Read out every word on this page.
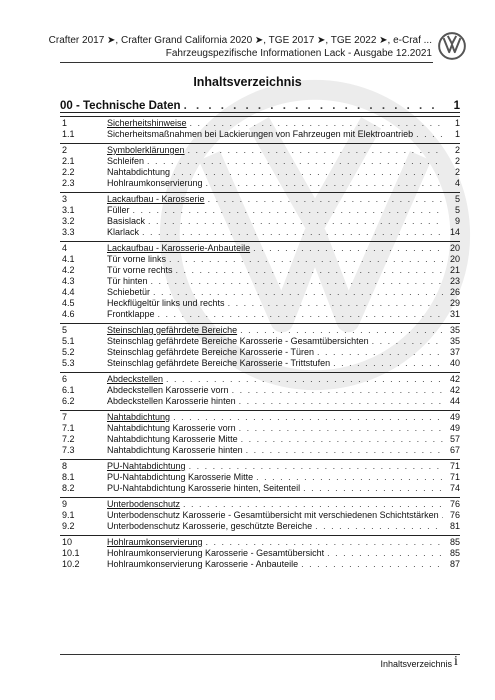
Crafter 2017 ➤, Crafter Grand California 2020 ➤, TGE 2017 ➤, TGE 2022 ➤, e-Craf ...
Fahrzeugspezifische Informationen Lack - Ausgabe 12.2021
Inhaltsverzeichnis
00 - Technische Daten . . .	1
1	Sicherheitshinweise . . .	1
1.1	Sicherheitsmaßnahmen bei Lackierungen von Fahrzeugen mit Elektroantrieb . . .	1
2	Symbolerklärungen . . .	2
2.1	Schleifen . . .	2
2.2	Nahtabdichtung . . .	2
2.3	Hohlraumkonservierung . . .	4
3	Lackaufbau - Karosserie . . .	5
3.1	Füller . . .	5
3.2	Basislack . . .	9
3.3	Klarlack . . .	14
4	Lackaufbau - Karosserie-Anbauteile . . .	20
4.1	Tür vorne links . . .	20
4.2	Tür vorne rechts . . .	21
4.3	Tür hinten . . .	23
4.4	Schiebetür . . .	26
4.5	Heckflügeltür links und rechts . . .	29
4.6	Frontklappe . . .	31
5	Steinschlag gefährdete Bereiche . . .	35
5.1	Steinschlag gefährdete Bereiche Karosserie - Gesamtübersichten . . .	35
5.2	Steinschlag gefährdete Bereiche Karosserie - Türen . . .	37
5.3	Steinschlag gefährdete Bereiche Karosserie - Trittstufen . . .	40
6	Abdeckstellen . . .	42
6.1	Abdeckstellen Karosserie vorn . . .	42
6.2	Abdeckstellen Karosserie hinten . . .	44
7	Nahtabdichtung . . .	49
7.1	Nahtabdichtung Karosserie vorn . . .	49
7.2	Nahtabdichtung Karosserie Mitte . . .	57
7.3	Nahtabdichtung Karosserie hinten . . .	67
8	PU-Nahtabdichtung . . .	71
8.1	PU-Nahtabdichtung Karosserie Mitte . . .	71
8.2	PU-Nahtabdichtung Karosserie hinten, Seitenteil . . .	74
9	Unterbodenschutz . . .	76
9.1	Unterbodenschutz Karosserie - Gesamtübersicht mit verschiedenen Schichtstärken . . .	76
9.2	Unterbodenschutz Karosserie, geschützte Bereiche . . .	81
10	Hohlraumkonservierung . . .	85
10.1	Hohlraumkonservierung Karosserie - Gesamtübersicht . . .	85
10.2	Hohlraumkonservierung Karosserie - Anbauteile . . .	87
Inhaltsverzeichnis i
